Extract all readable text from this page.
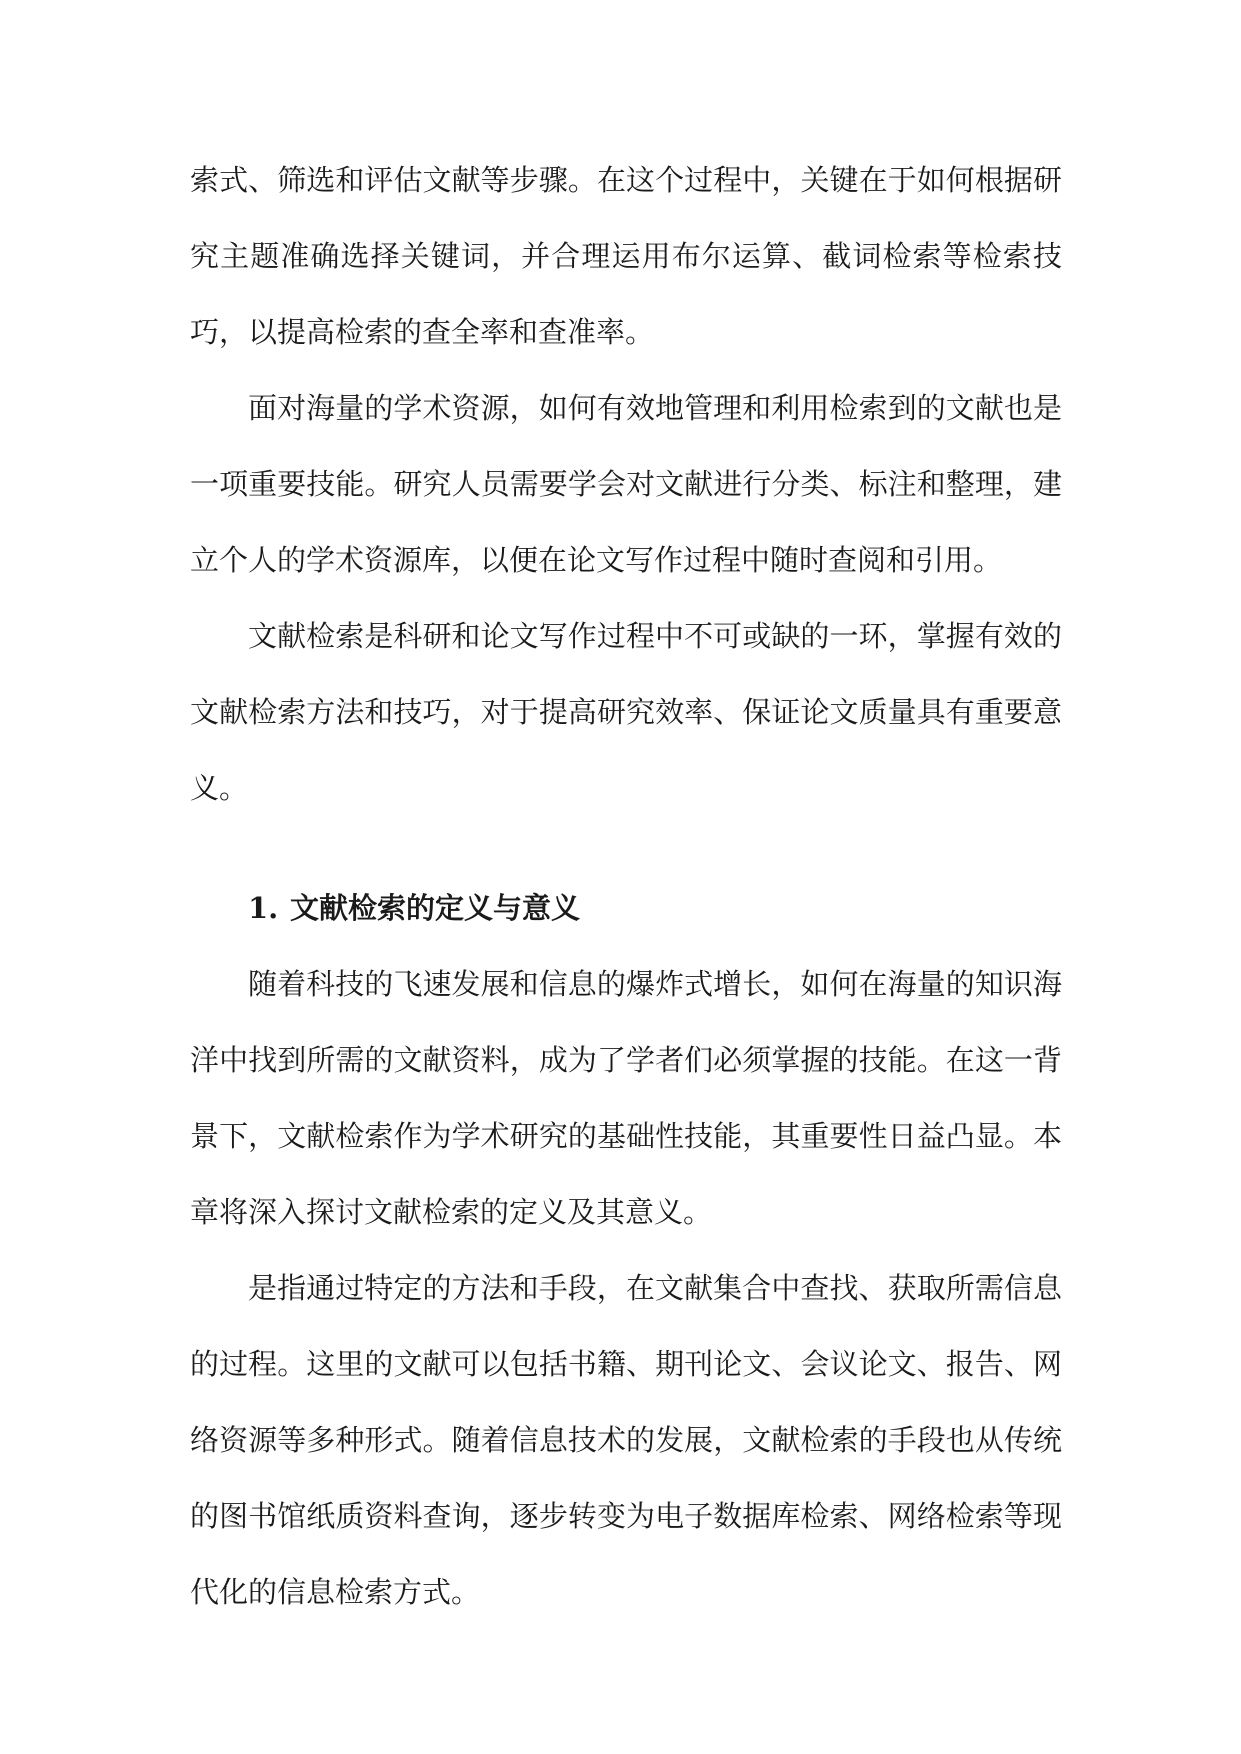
索式、筛选和评估文献等步骤。在这个过程中，关键在于如何根据研究主题准确选择关键词，并合理运用布尔运算、截词检索等检索技巧，以提高检索的查全率和查准率。

面对海量的学术资源，如何有效地管理和利用检索到的文献也是一项重要技能。研究人员需要学会对文献进行分类、标注和整理，建立个人的学术资源库，以便在论文写作过程中随时查阅和引用。

文献检索是科研和论文写作过程中不可或缺的一环，掌握有效的文献检索方法和技巧，对于提高研究效率、保证论文质量具有重要意义。

1. 文献检索的定义与意义

随着科技的飞速发展和信息的爆炸式增长，如何在海量的知识海洋中找到所需的文献资料，成为了学者们必须掌握的技能。在这一背景下，文献检索作为学术研究的基础性技能，其重要性日益凸显。本章将深入探讨文献检索的定义及其意义。

是指通过特定的方法和手段，在文献集合中查找、获取所需信息的过程。这里的文献可以包括书籍、期刊论文、会议论文、报告、网络资源等多种形式。随着信息技术的发展，文献检索的手段也从传统的图书馆纸质资料查询，逐步转变为电子数据库检索、网络检索等现代化的信息检索方式。
